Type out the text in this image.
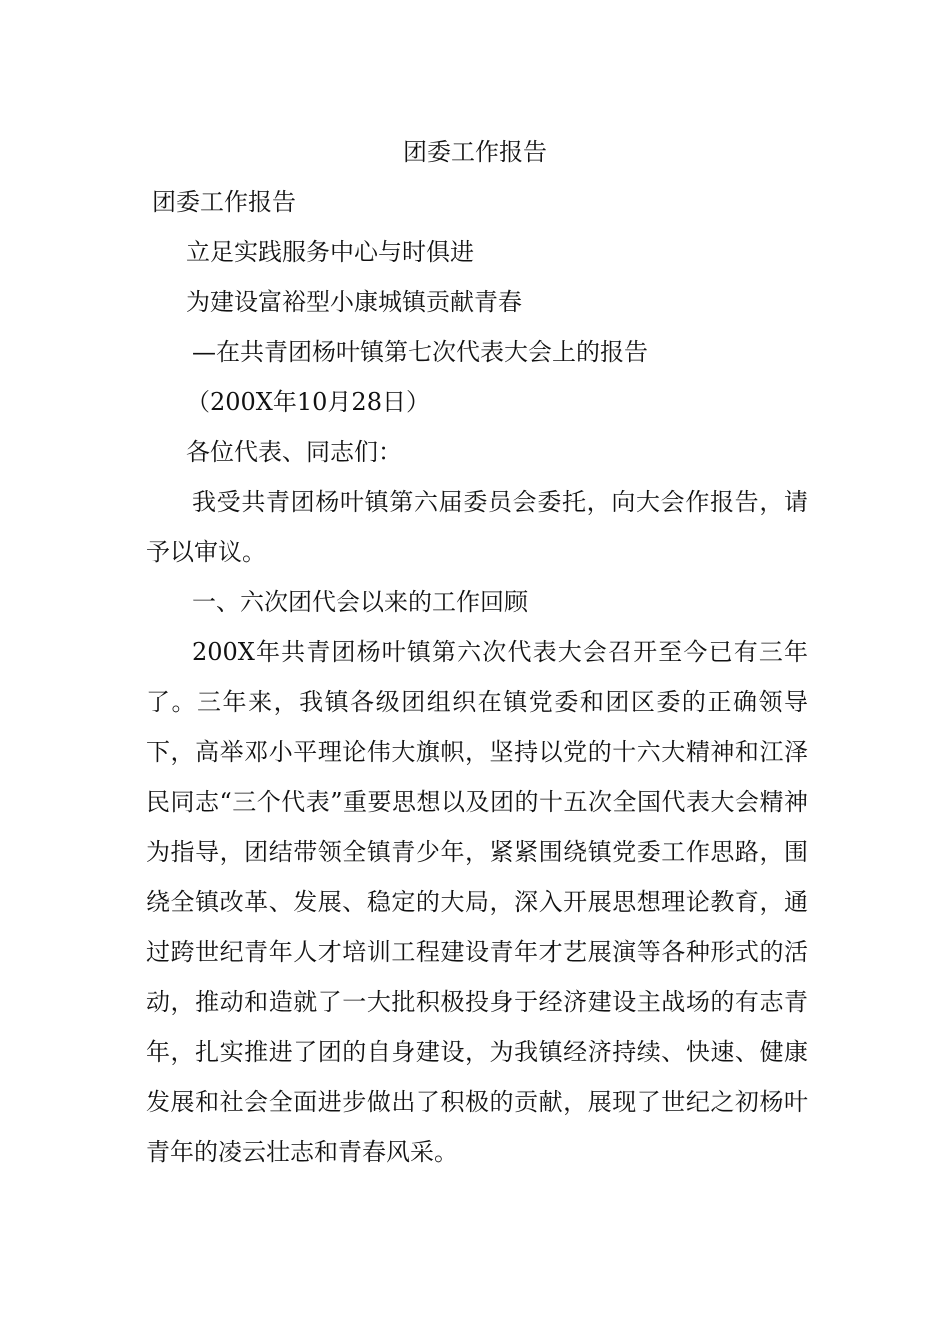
团委工作报告
团委工作报告
立足实践服务中心与时俱进
为建设富裕型小康城镇贡献青春
—在共青团杨叶镇第七次代表大会上的报告
（200X年10月28日）
各位代表、同志们：

我受共青团杨叶镇第六届委员会委托，向大会作报告，请予以审议。

一、六次团代会以来的工作回顾

200X年共青团杨叶镇第六次代表大会召开至今已有三年了。三年来，我镇各级团组织在镇党委和团区委的正确领导下，高举邓小平理论伟大旗帜，坚持以党的十六大精神和江泽民同志“三个代表”重要思想以及团的十五次全国代表大会精神为指导，团结带领全镇青少年，紧紧围绕镇党委工作思路，围绕全镇改革、发展、稳定的大局，深入开展思想理论教育，通过跨世纪青年人才培训工程建设青年才艺展演等各种形式的活动，推动和造就了一大批积极投身于经济建设主战场的有志青年，扎实推进了团的自身建设，为我镇经济持续、快速、健康发展和社会全面进步做出了积极的贡献，展现了世纪之初杨叶青年的凌云壮志和青春风采。
